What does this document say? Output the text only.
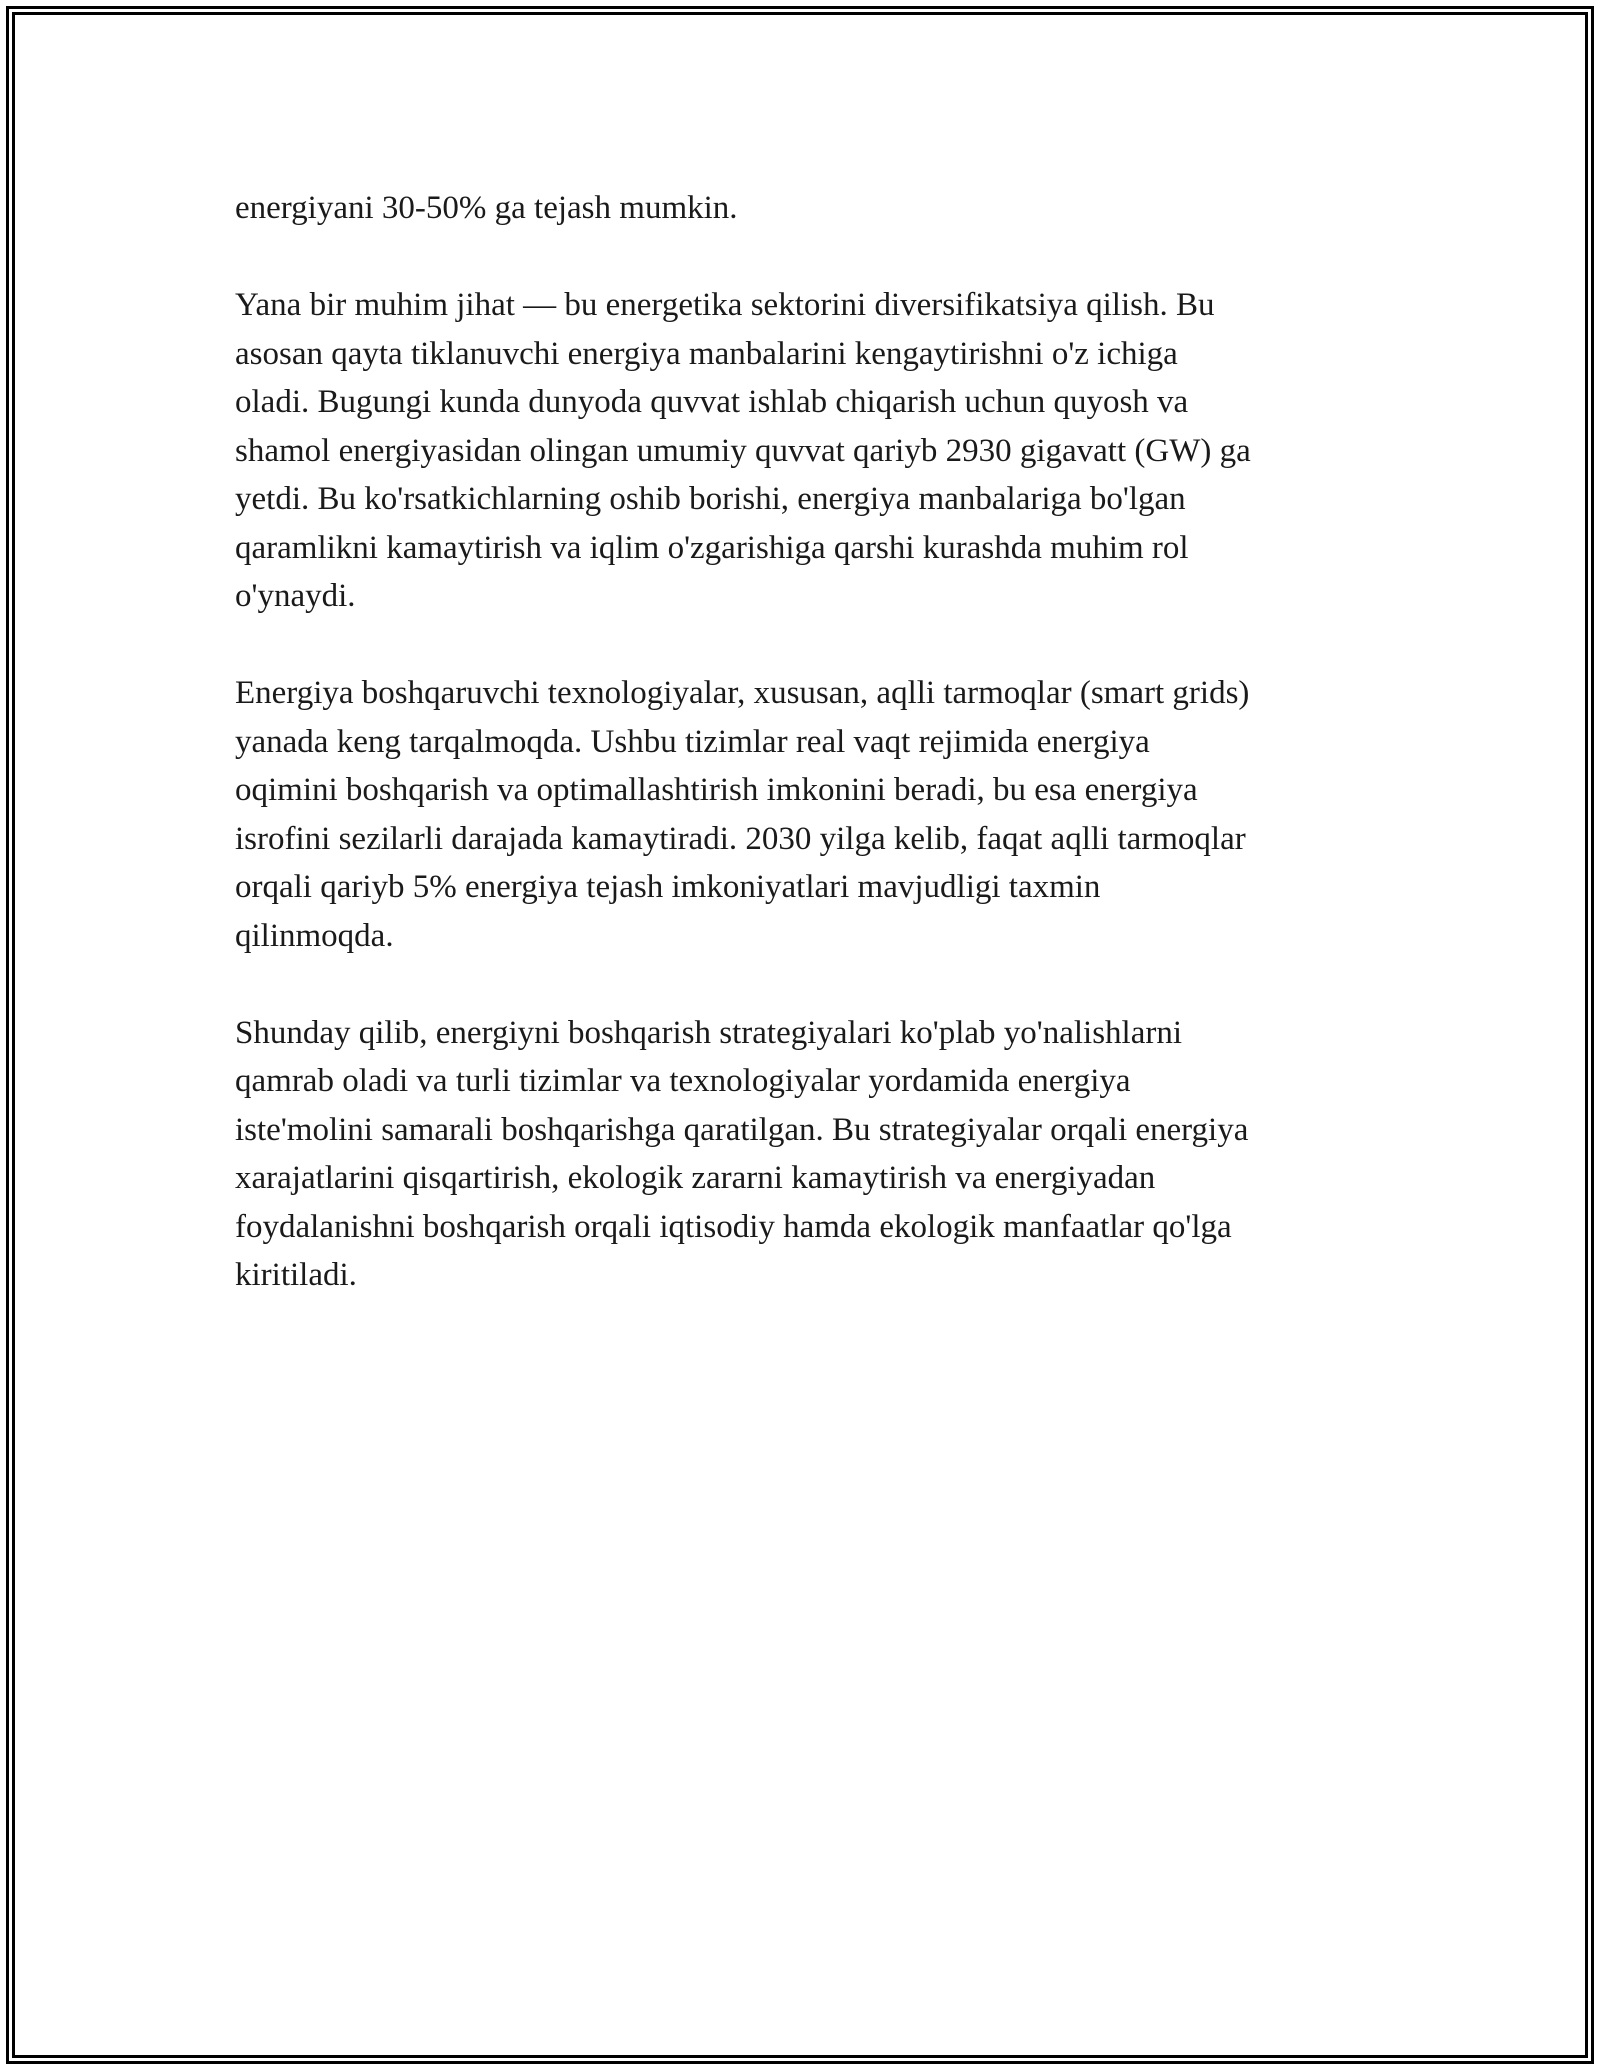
energiyani 30-50% ga tejash mumkin.

Yana bir muhim jihat — bu energetika sektorini diversifikatsiya qilish. Bu
asosan qayta tiklanuvchi energiya manbalarini kengaytirishni o'z ichiga
oladi. Bugungi kunda dunyoda quvvat ishlab chiqarish uchun quyosh va
shamol energiyasidan olingan umumiy quvvat qariyb 2930 gigavatt (GW) ga
yetdi. Bu ko'rsatkichlarning oshib borishi, energiya manbalariga bo'lgan
qaramlikni kamaytirish va iqlim o'zgarishiga qarshi kurashda muhim rol
o'ynaydi.

Energiya boshqaruvchi texnologiyalar, xususan, aqlli tarmoqlar (smart grids)
yanada keng tarqalmoqda. Ushbu tizimlar real vaqt rejimida energiya
oqimini boshqarish va optimallashtirish imkonini beradi, bu esa energiya
isrofini sezilarli darajada kamaytiradi. 2030 yilga kelib, faqat aqlli tarmoqlar
orqali qariyb 5% energiya tejash imkoniyatlari mavjudligi taxmin
qilinmoqda.

Shunday qilib, energiyni boshqarish strategiyalari ko'plab yo'nalishlarni
qamrab oladi va turli tizimlar va texnologiyalar yordamida energiya
iste'molini samarali boshqarishga qaratilgan. Bu strategiyalar orqali energiya
xarajatlarini qisqartirish, ekologik zararni kamaytirish va energiyadan
foydalanishni boshqarish orqali iqtisodiy hamda ekologik manfaatlar qo'lga
kiritiladi.
